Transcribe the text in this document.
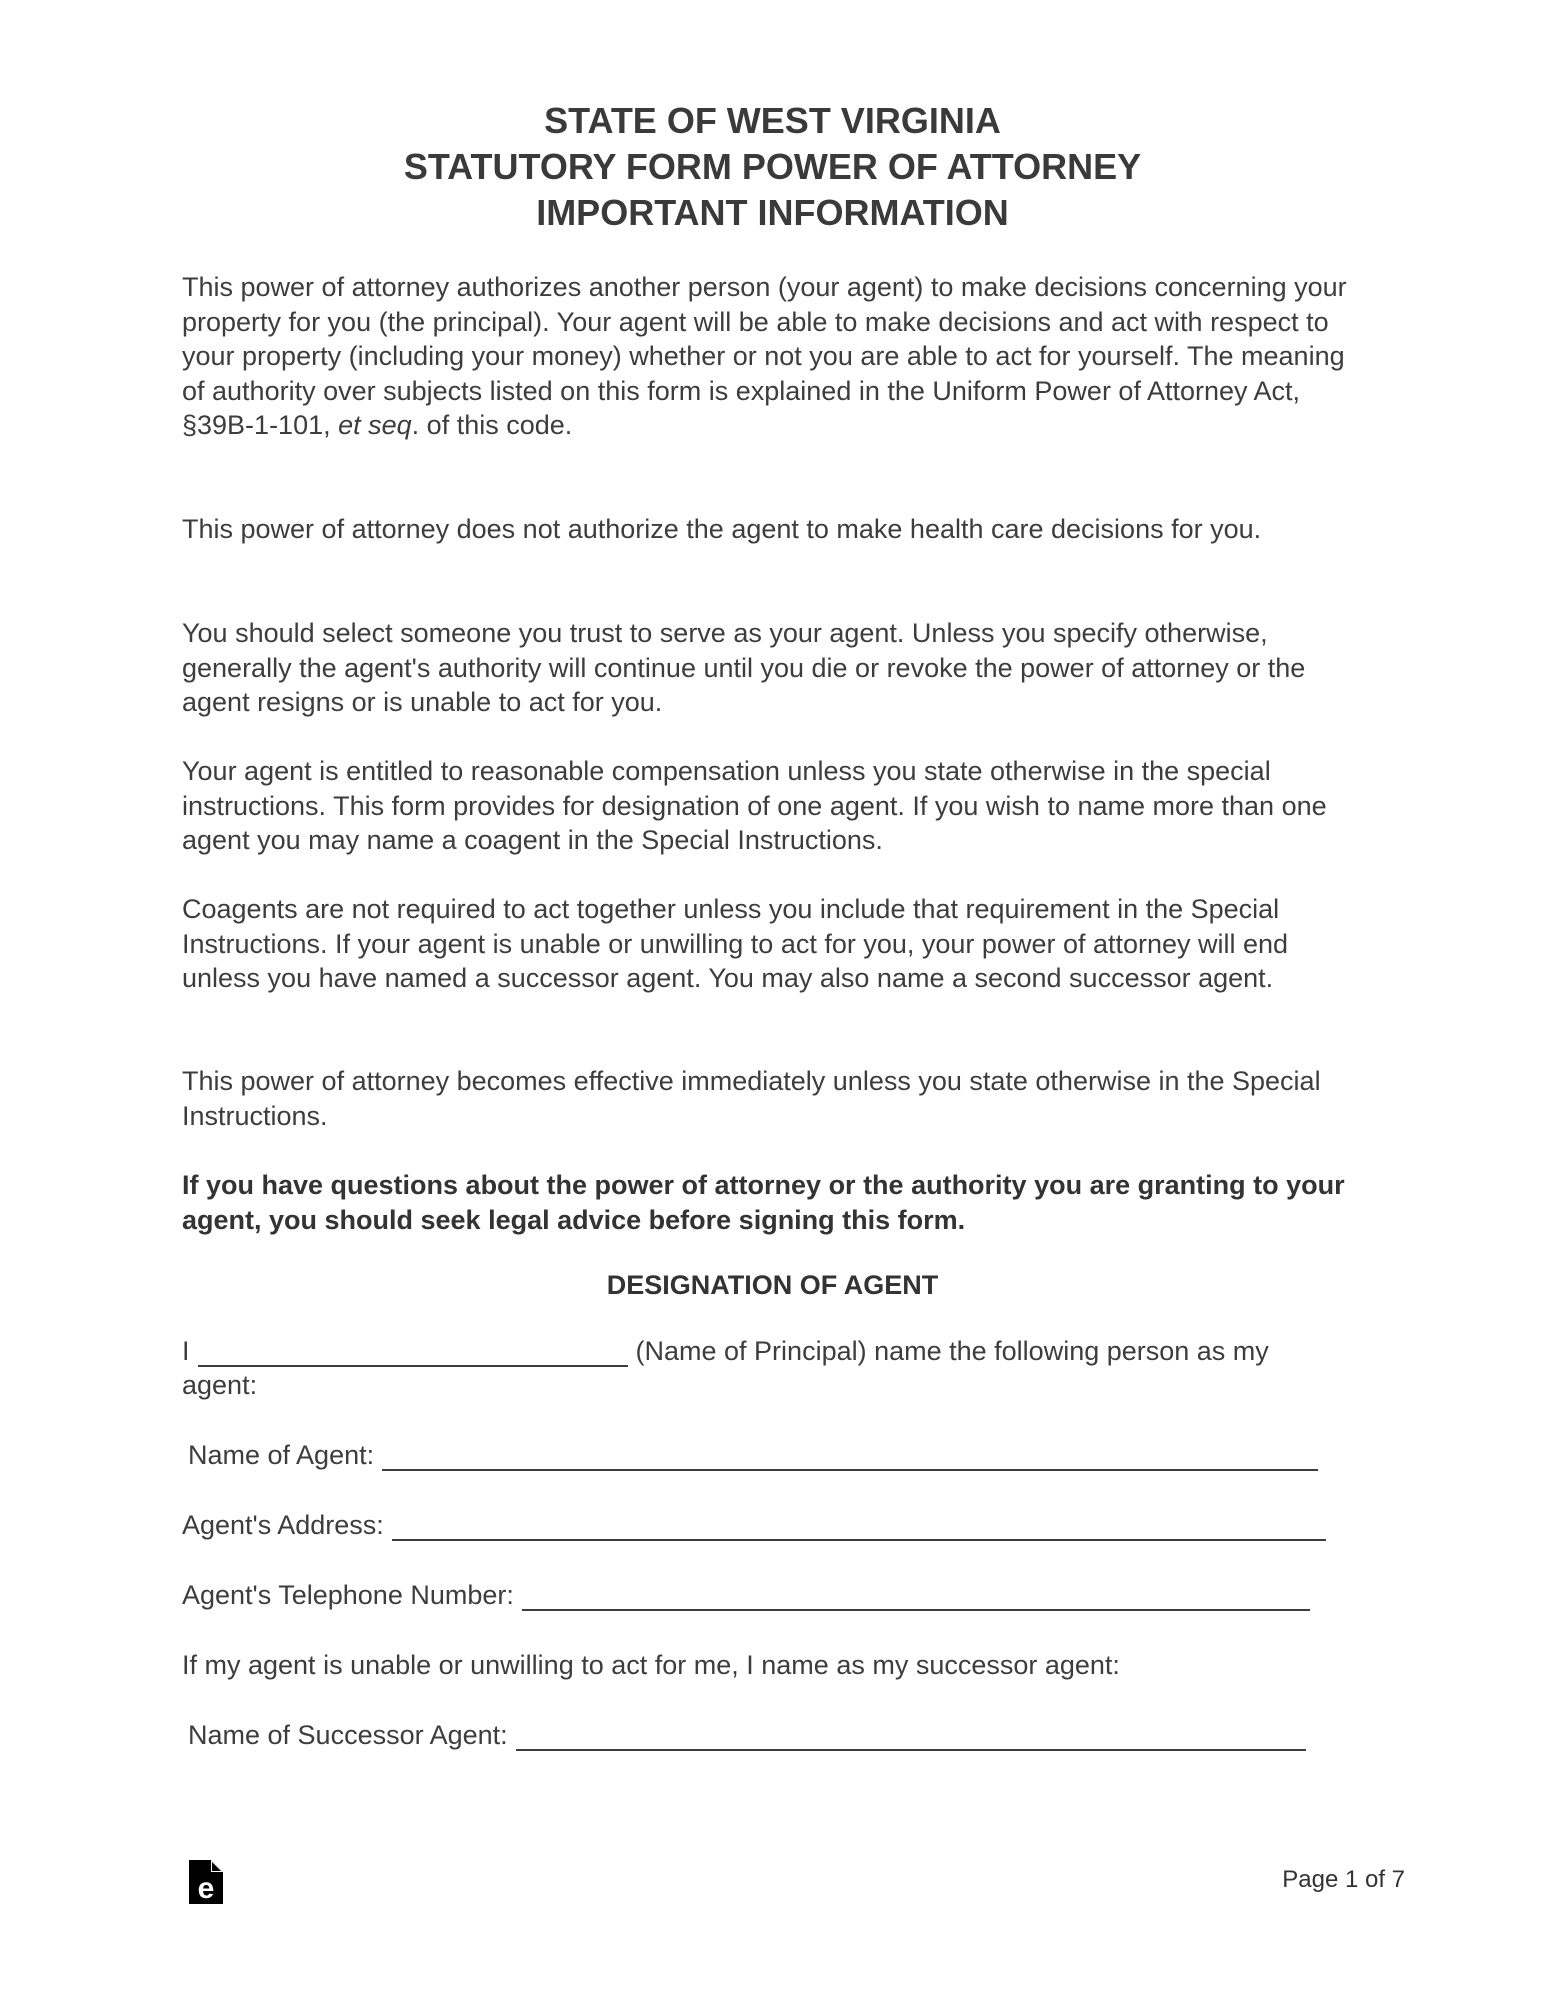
STATE OF WEST VIRGINIA
STATUTORY FORM POWER OF ATTORNEY
IMPORTANT INFORMATION

This power of attorney authorizes another person (your agent) to make decisions concerning your property for you (the principal). Your agent will be able to make decisions and act with respect to your property (including your money) whether or not you are able to act for yourself. The meaning of authority over subjects listed on this form is explained in the Uniform Power of Attorney Act, §39B-1-101, et seq. of this code.

This power of attorney does not authorize the agent to make health care decisions for you.

You should select someone you trust to serve as your agent. Unless you specify otherwise, generally the agent's authority will continue until you die or revoke the power of attorney or the agent resigns or is unable to act for you.

Your agent is entitled to reasonable compensation unless you state otherwise in the special instructions. This form provides for designation of one agent. If you wish to name more than one agent you may name a coagent in the Special Instructions.

Coagents are not required to act together unless you include that requirement in the Special Instructions. If your agent is unable or unwilling to act for you, your power of attorney will end unless you have named a successor agent. You may also name a second successor agent.

This power of attorney becomes effective immediately unless you state otherwise in the Special Instructions.

If you have questions about the power of attorney or the authority you are granting to your agent, you should seek legal advice before signing this form.

DESIGNATION OF AGENT
I	(Name of Principal) name the following person as my
agent:
Name of Agent:
Agent's Address:
Agent's Telephone Number:
If my agent is unable or unwilling to act for me, I name as my successor agent:
Name of Successor Agent:
e	Page 1 of 7
